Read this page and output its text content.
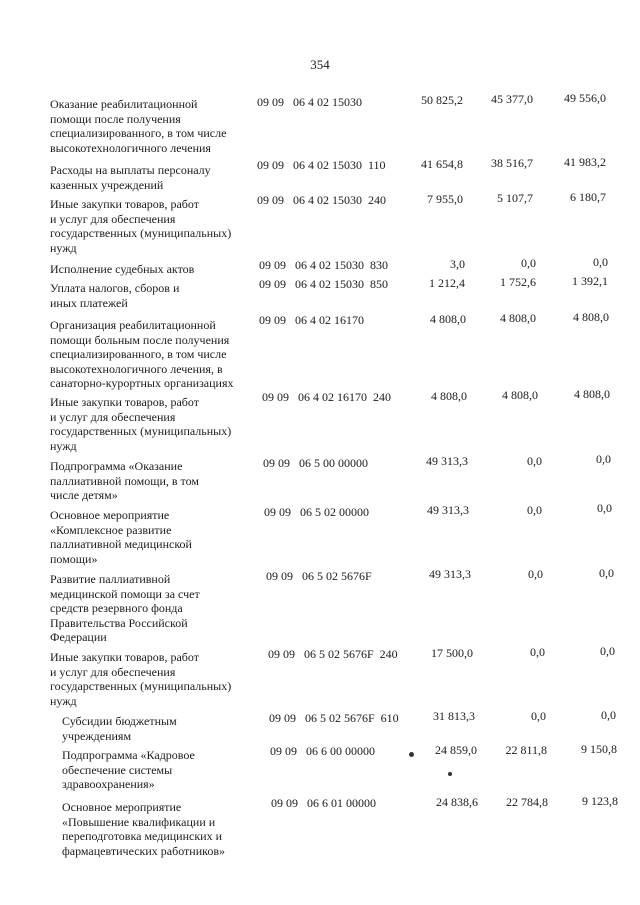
354
Оказание реабилитационной
помощи после получения
специализированного, в том числе
высокотехнологичного лечения
09 09   06 4 02 15030	50 825,2	45 377,0	49 556,0
Расходы на выплаты персоналу
казенных учреждений
09 09   06 4 02 15030  110	41 654,8	38 516,7	41 983,2
Иные закупки товаров, работ
и услуг для обеспечения
государственных (муниципальных)
нужд
09 09   06 4 02 15030  240	7 955,0	5 107,7	6 180,7
Исполнение судебных актов	09 09   06 4 02 15030  830	3,0	0,0	0,0
Уплата налогов, сборов и
иных платежей
09 09   06 4 02 15030  850	1 212,4	1 752,6	1 392,1
Организация реабилитационной
помощи больным после получения
специализированного, в том числе
высокотехнологичного лечения, в
санаторно-курортных организациях
09 09   06 4 02 16170	4 808,0	4 808,0	4 808,0
Иные закупки товаров, работ
и услуг для обеспечения
государственных (муниципальных)
нужд
09 09   06 4 02 16170  240	4 808,0	4 808,0	4 808,0
Подпрограмма «Оказание
паллиативной помощи, в том
числе детям»
09 09   06 5 00 00000	49 313,3	0,0	0,0
Основное мероприятие
«Комплексное развитие
паллиативной медицинской
помощи»
09 09   06 5 02 00000	49 313,3	0,0	0,0
Развитие паллиативной
медицинской помощи за счет
средств резервного фонда
Правительства Российской
Федерации
09 09   06 5 02 5676F	49 313,3	0,0	0,0
Иные закупки товаров, работ
и услуг для обеспечения
государственных (муниципальных)
нужд
09 09   06 5 02 5676F  240	17 500,0	0,0	0,0
Субсидии бюджетным
учреждениям
09 09   06 5 02 5676F  610	31 813,3	0,0	0,0
Подпрограмма «Кадровое
обеспечение системы
здравоохранения»
09 09   06 6 00 00000	24 859,0	22 811,8	9 150,8
Основное мероприятие
«Повышение квалификации и
переподготовка медицинских и
фармацевтических работников»
09 09   06 6 01 00000	24 838,6	22 784,8	9 123,8
